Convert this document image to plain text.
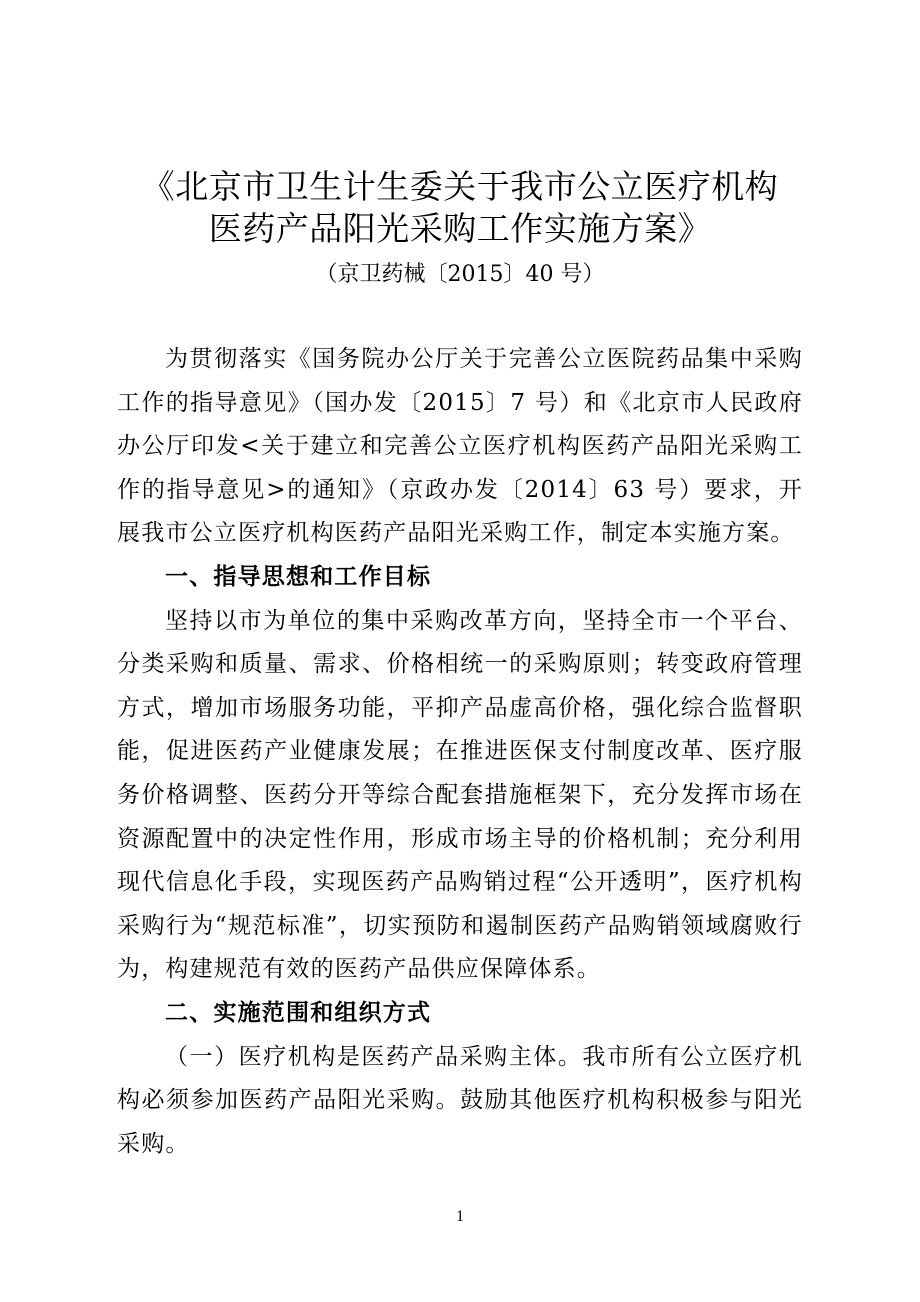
《北京市卫生计生委关于我市公立医疗机构
医药产品阳光采购工作实施方案》
（京卫药械〔2015〕40 号）

为贯彻落实《国务院办公厅关于完善公立医院药品集中采购工作的指导意见》（国办发〔2015〕7 号）和《北京市人民政府办公厅印发<关于建立和完善公立医疗机构医药产品阳光采购工作的指导意见>的通知》（京政办发〔2014〕63 号）要求，开展我市公立医疗机构医药产品阳光采购工作，制定本实施方案。

一、指导思想和工作目标

坚持以市为单位的集中采购改革方向，坚持全市一个平台、分类采购和质量、需求、价格相统一的采购原则；转变政府管理方式，增加市场服务功能，平抑产品虚高价格，强化综合监督职能，促进医药产业健康发展；在推进医保支付制度改革、医疗服务价格调整、医药分开等综合配套措施框架下，充分发挥市场在资源配置中的决定性作用，形成市场主导的价格机制；充分利用现代信息化手段，实现医药产品购销过程“公开透明”，医疗机构采购行为“规范标准”，切实预防和遏制医药产品购销领域腐败行为，构建规范有效的医药产品供应保障体系。

二、实施范围和组织方式

（一）医疗机构是医药产品采购主体。我市所有公立医疗机构必须参加医药产品阳光采购。鼓励其他医疗机构积极参与阳光采购。

1
